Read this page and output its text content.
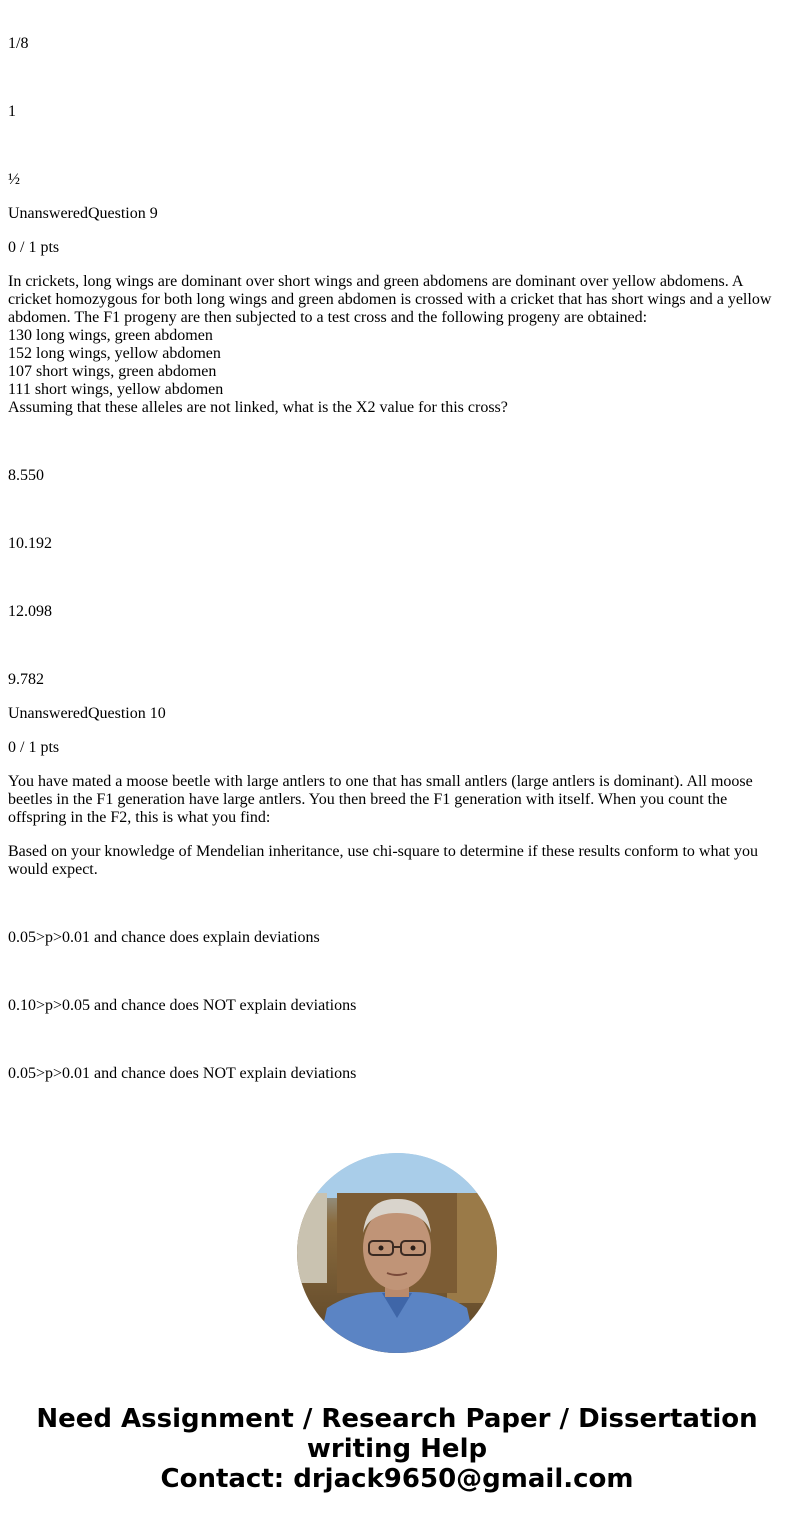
1/8
1
½
UnansweredQuestion 9
0 / 1 pts
In crickets, long wings are dominant over short wings and green abdomens are dominant over yellow abdomens. A cricket homozygous for both long wings and green abdomen is crossed with a cricket that has short wings and a yellow abdomen. The F1 progeny are then subjected to a test cross and the following progeny are obtained:
130 long wings, green abdomen
152 long wings, yellow abdomen
107 short wings, green abdomen
111 short wings, yellow abdomen
Assuming that these alleles are not linked, what is the X2 value for this cross?
8.550
10.192
12.098
9.782
UnansweredQuestion 10
0 / 1 pts
You have mated a moose beetle with large antlers to one that has small antlers (large antlers is dominant). All moose beetles in the F1 generation have large antlers. You then breed the F1 generation with itself. When you count the offspring in the F2, this is what you find:
Based on your knowledge of Mendelian inheritance, use chi-square to determine if these results conform to what you would expect.
0.05>p>0.01 and chance does explain deviations
0.10>p>0.05 and chance does NOT explain deviations
0.05>p>0.01 and chance does NOT explain deviations
Need Assignment / Research Paper / Dissertation
writing Help
Contact: drjack9650@gmail.com
